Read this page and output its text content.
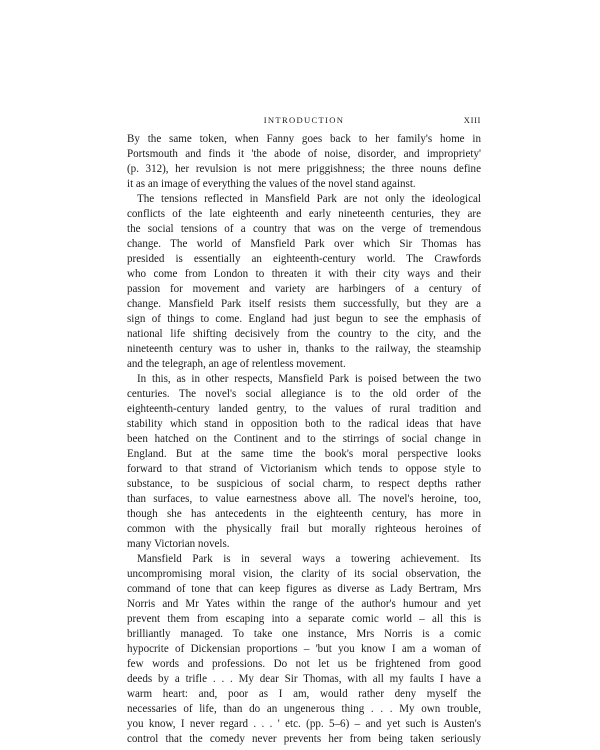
INTRODUCTION	XIII

By the same token, when Fanny goes back to her family's home in
Portsmouth and finds it 'the abode of noise, disorder, and impropriety'
(p. 312), her revulsion is not mere priggishness; the three nouns define
it as an image of everything the values of the novel stand against.

The tensions reflected in Mansfield Park are not only the ideological
conflicts of the late eighteenth and early nineteenth centuries, they are
the social tensions of a country that was on the verge of tremendous
change. The world of Mansfield Park over which Sir Thomas has
presided is essentially an eighteenth-century world. The Crawfords
who come from London to threaten it with their city ways and their
passion for movement and variety are harbingers of a century of
change. Mansfield Park itself resists them successfully, but they are a
sign of things to come. England had just begun to see the emphasis of
national life shifting decisively from the country to the city, and the
nineteenth century was to usher in, thanks to the railway, the steamship
and the telegraph, an age of relentless movement.

In this, as in other respects, Mansfield Park is poised between the two
centuries. The novel's social allegiance is to the old order of the
eighteenth-century landed gentry, to the values of rural tradition and
stability which stand in opposition both to the radical ideas that have
been hatched on the Continent and to the stirrings of social change in
England. But at the same time the book's moral perspective looks
forward to that strand of Victorianism which tends to oppose style to
substance, to be suspicious of social charm, to respect depths rather
than surfaces, to value earnestness above all. The novel's heroine, too,
though she has antecedents in the eighteenth century, has more in
common with the physically frail but morally righteous heroines of
many Victorian novels.

Mansfield Park is in several ways a towering achievement. Its
uncompromising moral vision, the clarity of its social observation, the
command of tone that can keep figures as diverse as Lady Bertram, Mrs
Norris and Mr Yates within the range of the author's humour and yet
prevent them from escaping into a separate comic world – all this is
brilliantly managed. To take one instance, Mrs Norris is a comic
hypocrite of Dickensian proportions – 'but you know I am a woman of
few words and professions. Do not let us be frightened from good
deeds by a trifle . . . My dear Sir Thomas, with all my faults I have a
warm heart: and, poor as I am, would rather deny myself the
necessaries of life, than do an ungenerous thing . . . My own trouble,
you know, I never regard . . . ' etc. (pp. 5–6) – and yet such is Austen's
control that the comedy never prevents her from being taken seriously
